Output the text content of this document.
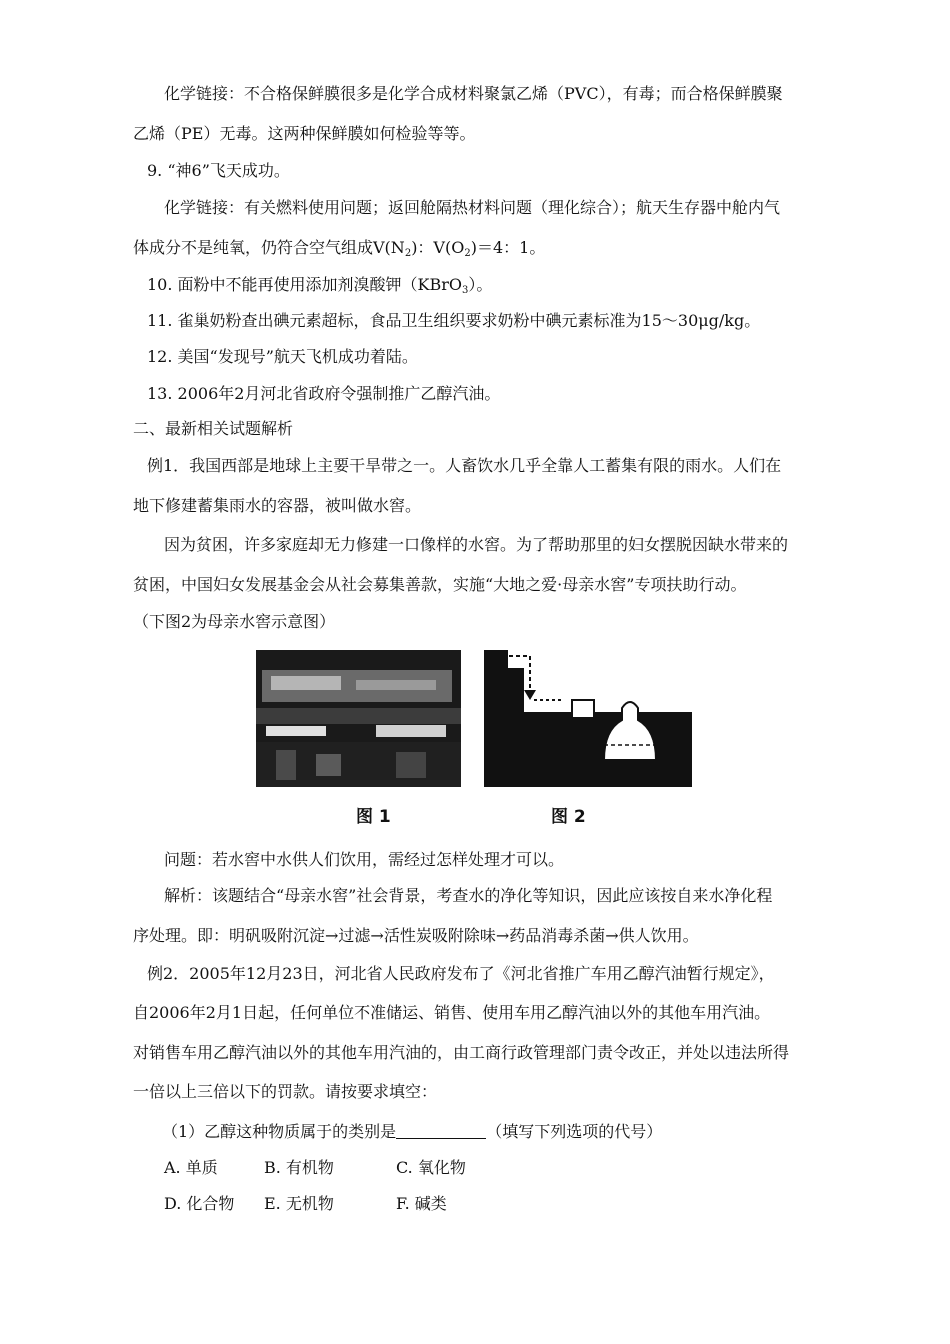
化学链接：不合格保鲜膜很多是化学合成材料聚氯乙烯（PVC），有毒；而合格保鲜膜聚
乙烯（PE）无毒。这两种保鲜膜如何检验等等。
9. “神6”飞天成功。
化学链接：有关燃料使用问题；返回舱隔热材料问题（理化综合）；航天生存器中舱内气
体成分不是纯氧，仍符合空气组成$V(N_2)$：$V(O_2)=4$：1。
10. 面粉中不能再使用添加剂溴酸钾（KBrO$_3$）。
11. 雀巢奶粉查出碘元素超标，食品卫生组织要求奶粉中碘元素标准为15～30μg/kg。
12. 美国“发现号”航天飞机成功着陆。
13. 2006年2月河北省政府令强制推广乙醇汽油。
二、最新相关试题解析
例1．我国西部是地球上主要干旱带之一。人畜饮水几乎全靠人工蓄集有限的雨水。人们在
地下修建蓄集雨水的容器，被叫做水窖。
因为贫困，许多家庭却无力修建一口像样的水窖。为了帮助那里的妇女摆脱因缺水带来的
贫困，中国妇女发展基金会从社会募集善款，实施“大地之爱·母亲水窖”专项扶助行动。
（下图2为母亲水窖示意图）
图 1	图 2
问题：若水窖中水供人们饮用，需经过怎样处理才可以。
解析：该题结合“母亲水窖”社会背景，考查水的净化等知识，因此应该按自来水净化程
序处理。即：明矾吸附沉淀→过滤→活性炭吸附除味→药品消毒杀菌→供人饮用。
例2．2005年12月23日，河北省人民政府发布了《河北省推广车用乙醇汽油暂行规定》，
自2006年2月1日起，任何单位不准储运、销售、使用车用乙醇汽油以外的其他车用汽油。
对销售车用乙醇汽油以外的其他车用汽油的，由工商行政管理部门责令改正，并处以违法所得
一倍以上三倍以下的罚款。请按要求填空：
（1）乙醇这种物质属于的类别是	（填写下列选项的代号）
A. 单质	B. 有机物	C. 氧化物
D. 化合物 E. 无机物	F. 碱类
